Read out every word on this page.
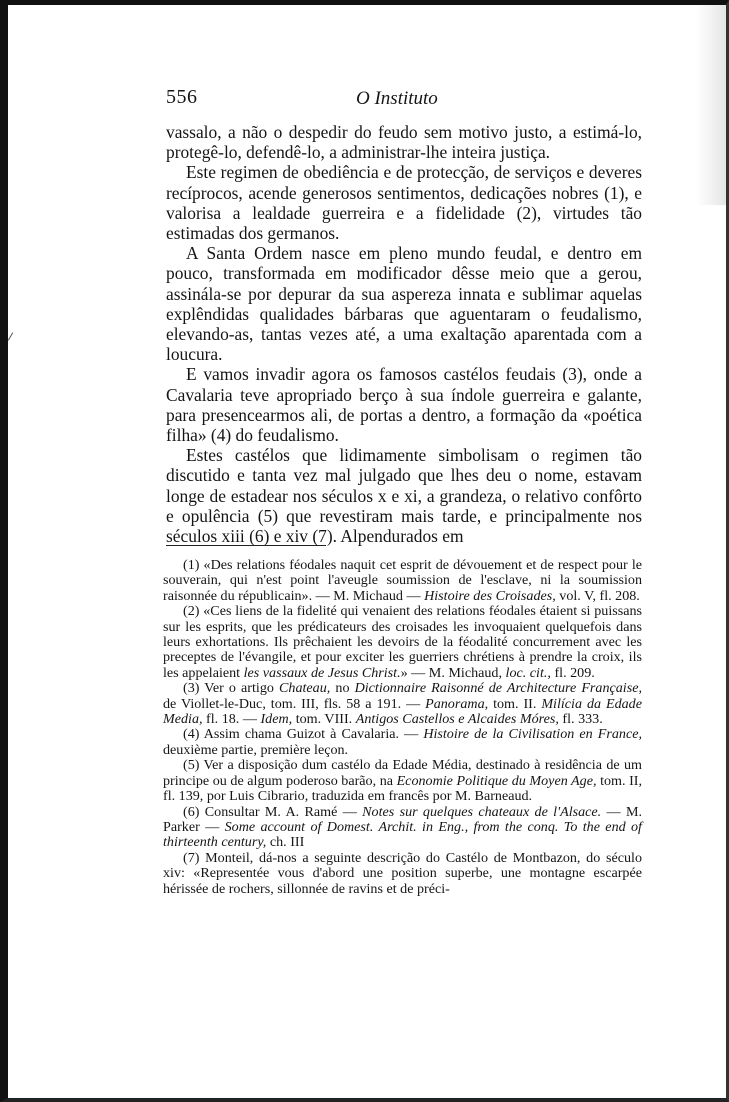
556	O Instituto

vassalo, a não o despedir do feudo sem motivo justo, a estimá-lo, protegê-lo, defendê-lo, a administrar-lhe inteira justiça.

Este regimen de obediência e de protecção, de serviços e deveres recíprocos, acende generosos sentimentos, dedicações nobres (1), e valorisa a lealdade guerreira e a fidelidade (2), virtudes tão estimadas dos germanos.

A Santa Ordem nasce em pleno mundo feudal, e dentro em pouco, transformada em modificador dêsse meio que a gerou, assinála-se por depurar da sua aspereza innata e sublimar aquelas explêndidas qualidades bárbaras que aguentaram o feudalismo, elevando-as, tantas vezes até, a uma exaltação aparentada com a loucura.

E vamos invadir agora os famosos castélos feudais (3), onde a Cavalaria teve apropriado berço à sua índole guerreira e galante, para presencearmos ali, de portas a dentro, a formação da «poética filha» (4) do feudalismo.

Estes castélos que lidimamente simbolisam o regimen tão discutido e tanta vez mal julgado que lhes deu o nome, estavam longe de estadear nos séculos x e xi, a grandeza, o relativo confôrto e opulência (5) que revestiram mais tarde, e principalmente nos séculos xiii (6) e xiv (7). Alpendurados em

(1) «Des relations féodales naquit cet esprit de dévouement et de respect pour le souverain, qui n'est point l'aveugle soumission de l'esclave, ni la soumission raisonnée du républicain». — M. Michaud — Histoire des Croisades, vol. V, fl. 208.

(2) «Ces liens de la fidelité qui venaient des relations féodales étaient si puissans sur les esprits, que les prédicateurs des croisades les invoquaient quelquefois dans leurs exhortations. Ils prêchaient les devoirs de la féodalité concurrement avec les preceptes de l'évangile, et pour exciter les guerriers chrétiens à prendre la croix, ils les appelaient les vassaux de Jesus Christ.» — M. Michaud, loc. cit., fl. 209.

(3) Ver o artigo Chateau, no Dictionnaire Raisonné de Architecture Française, de Viollet-le-Duc, tom. III, fls. 58 a 191. — Panorama, tom. II. Milícia da Edade Media, fl. 18. — Idem, tom. VIII. Antigos Castellos e Alcaides Móres, fl. 333.

(4) Assim chama Guizot à Cavalaria. — Histoire de la Civilisation en France, deuxième partie, première leçon.

(5) Ver a disposição dum castélo da Edade Média, destinado à residência de um principe ou de algum poderoso barão, na Economie Politique du Moyen Age, tom. II, fl. 139, por Luis Cibrario, traduzida em francês por M. Barneaud.

(6) Consultar M. A. Ramé — Notes sur quelques chateaux de l'Alsace. — M. Parker — Some account of Domest. Archit. in Eng., from the conq. To the end of thirteenth century, ch. III

(7) Monteil, dá-nos a seguinte descrição do Castélo de Montbazon, do século xiv: «Representée vous d'abord une position superbe, une montagne escarpée hérissée de rochers, sillonnée de ravins et de préci-
